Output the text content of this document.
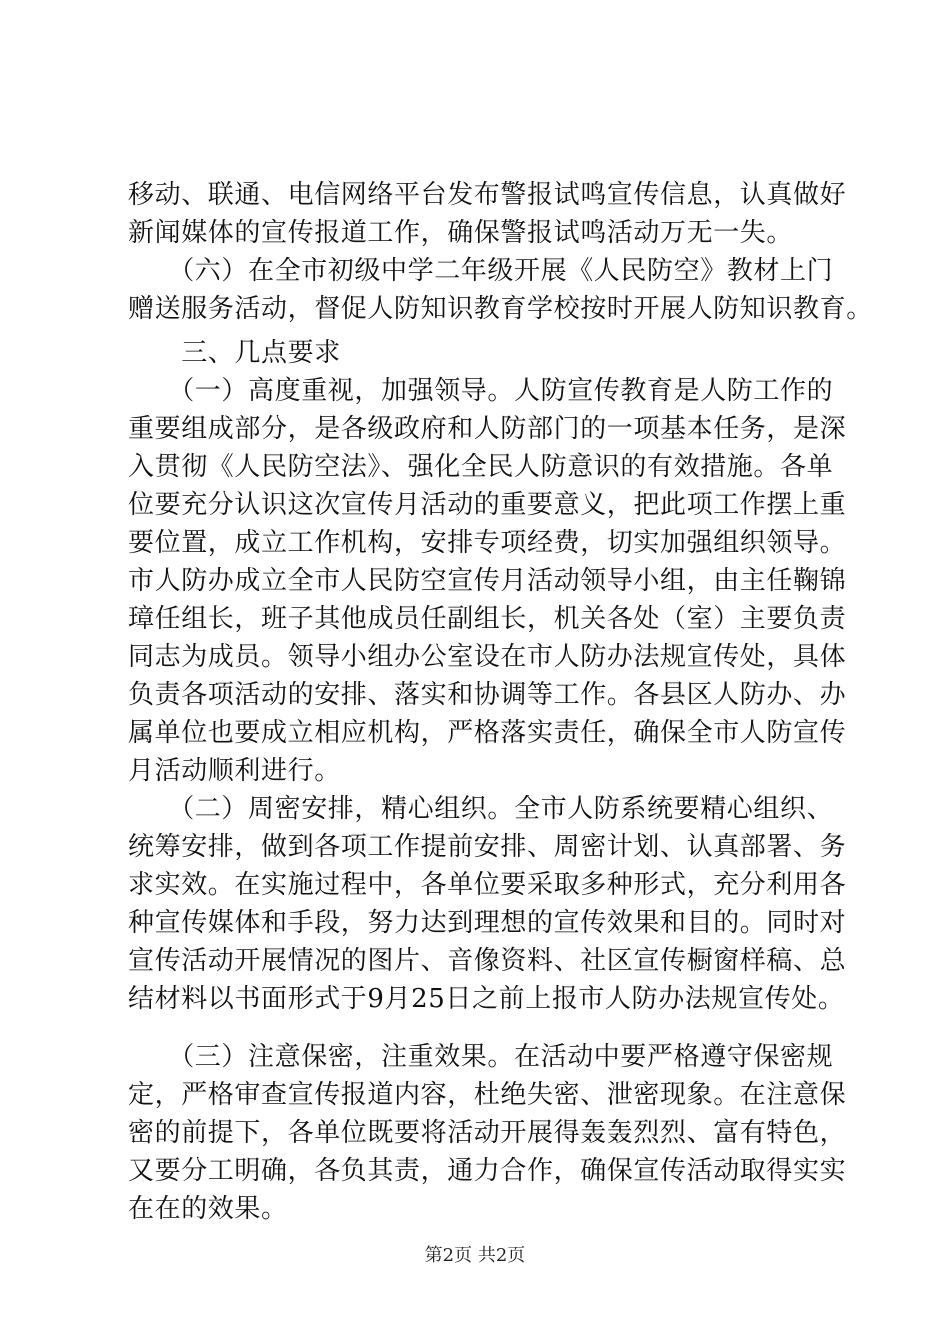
移动、联通、电信网络平台发布警报试鸣宣传信息，认真做好
新闻媒体的宣传报道工作，确保警报试鸣活动万无一失。
　　（六）在全市初级中学二年级开展《人民防空》教材上门
赠送服务活动，督促人防知识教育学校按时开展人防知识教育。
　　三、几点要求
　　（一）高度重视，加强领导。人防宣传教育是人防工作的
重要组成部分，是各级政府和人防部门的一项基本任务，是深
入贯彻《人民防空法》、强化全民人防意识的有效措施。各单
位要充分认识这次宣传月活动的重要意义，把此项工作摆上重
要位置，成立工作机构，安排专项经费，切实加强组织领导。
市人防办成立全市人民防空宣传月活动领导小组，由主任鞠锦
璋任组长，班子其他成员任副组长，机关各处（室）主要负责
同志为成员。领导小组办公室设在市人防办法规宣传处，具体
负责各项活动的安排、落实和协调等工作。各县区人防办、办
属单位也要成立相应机构，严格落实责任，确保全市人防宣传
月活动顺利进行。
　　（二）周密安排，精心组织。全市人防系统要精心组织、
统筹安排，做到各项工作提前安排、周密计划、认真部署、务
求实效。在实施过程中，各单位要采取多种形式，充分利用各
种宣传媒体和手段，努力达到理想的宣传效果和目的。同时对
宣传活动开展情况的图片、音像资料、社区宣传橱窗样稿、总
结材料以书面形式于9月25日之前上报市人防办法规宣传处。
　　（三）注意保密，注重效果。在活动中要严格遵守保密规
定，严格审查宣传报道内容，杜绝失密、泄密现象。在注意保
密的前提下，各单位既要将活动开展得轰轰烈烈、富有特色，
又要分工明确，各负其责，通力合作，确保宣传活动取得实实
在在的效果。
第2页 共2页
